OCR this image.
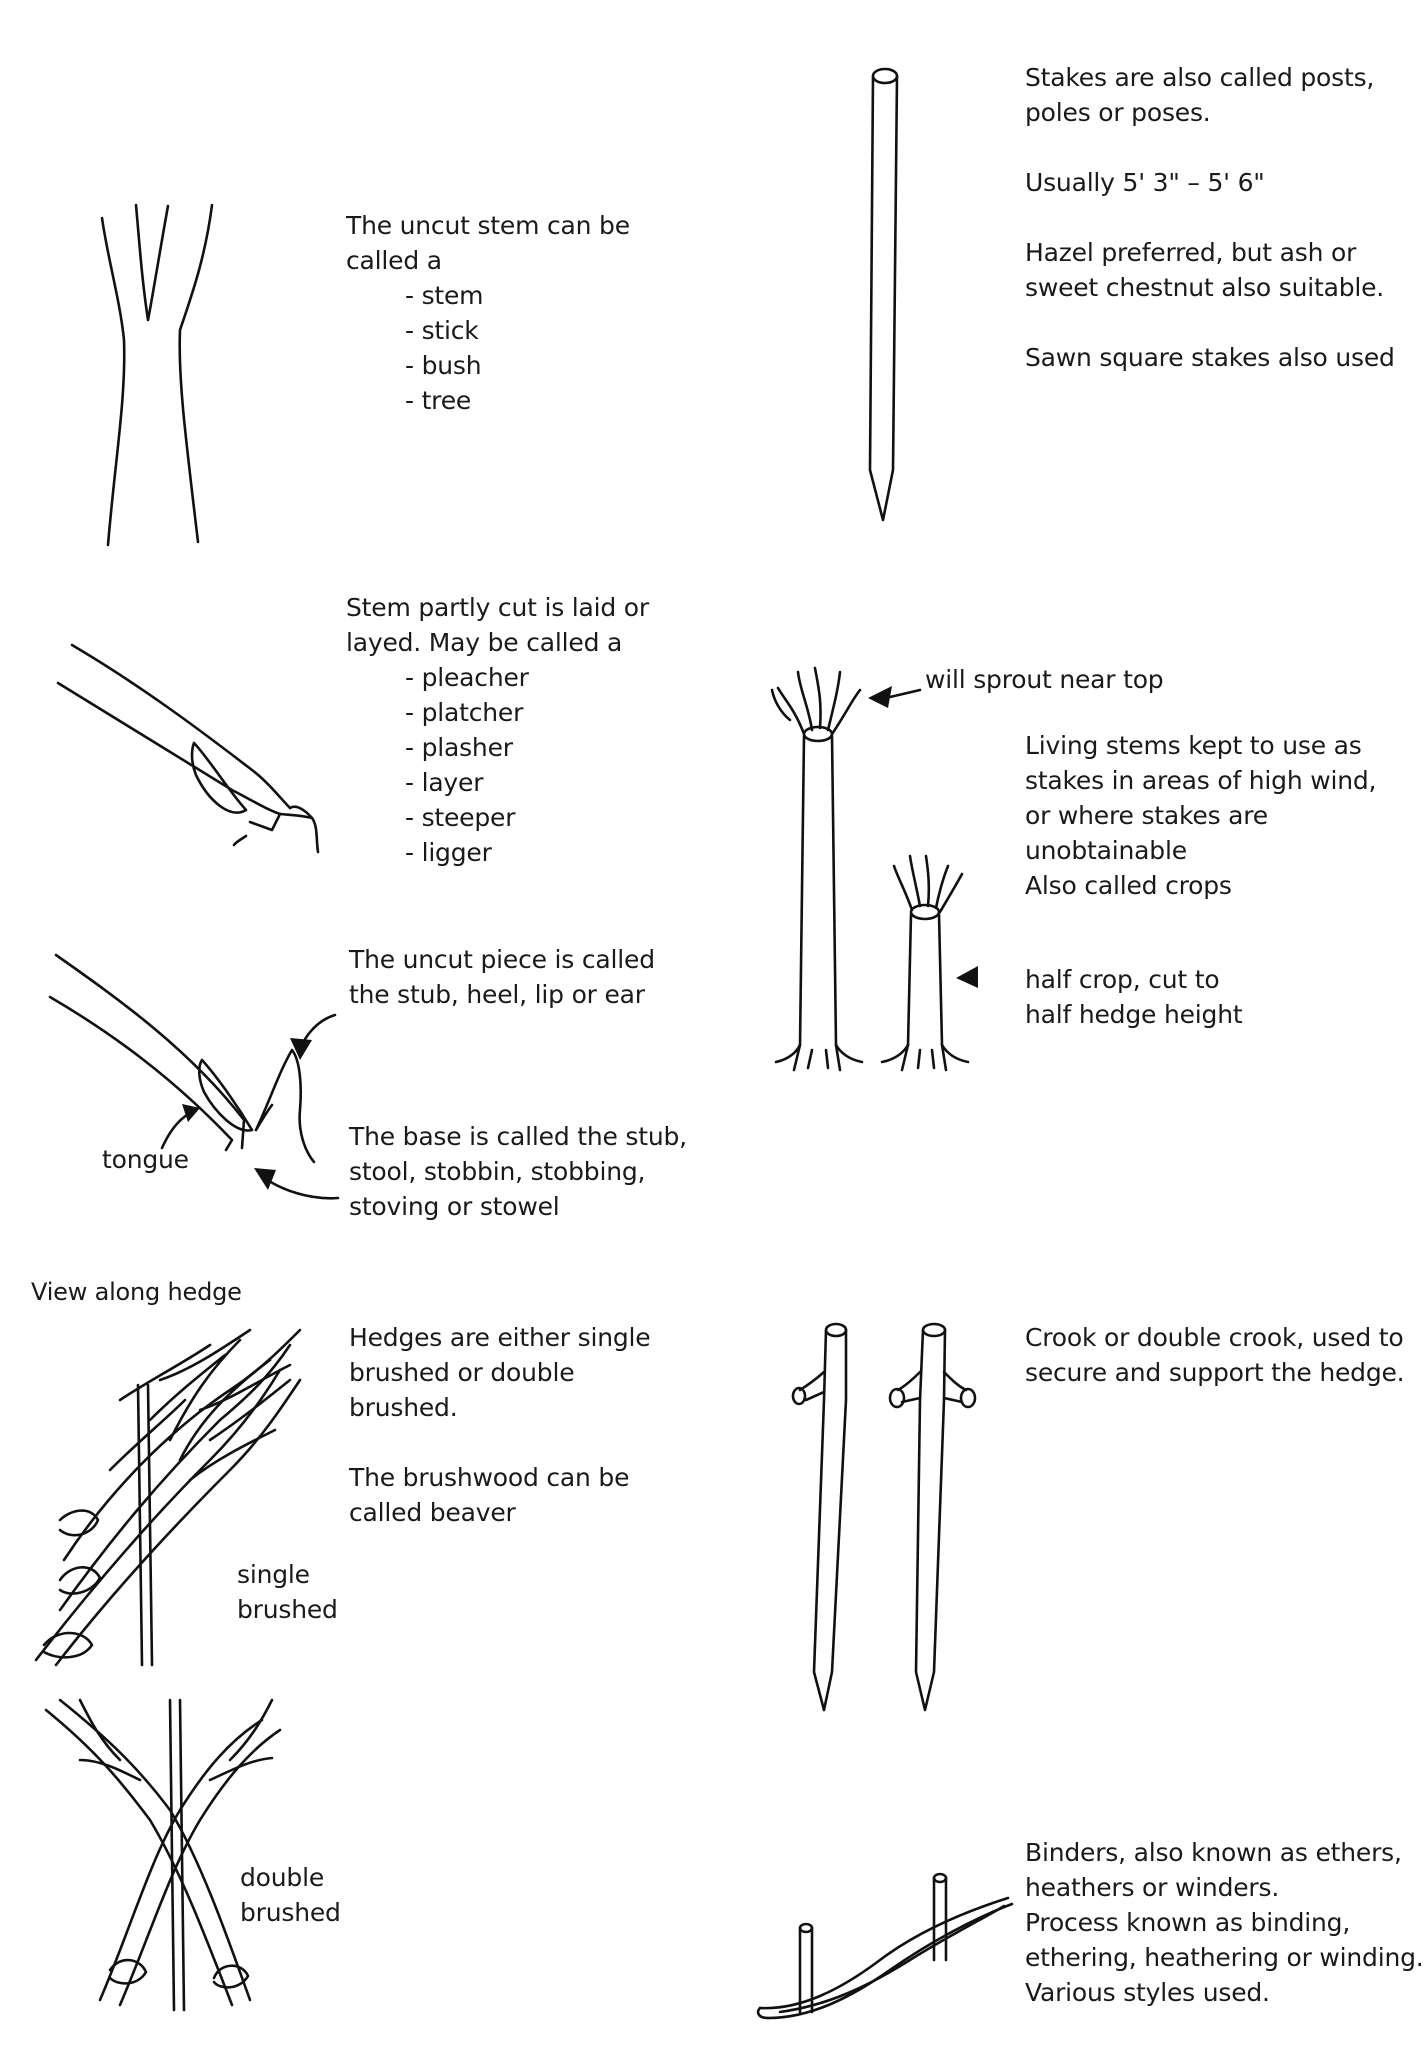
The uncut stem can be

called a

- stem

- stick

- bush

- tree

Stakes are also called posts,

poles or poses.

Usually 5' 3" – 5' 6"

Hazel preferred, but ash or

sweet chestnut also suitable.

Sawn square stakes also used

Stem partly cut is laid or

layed. May be called a

- pleacher

- platcher

- plasher

- layer

- steeper

- ligger

will sprout near top

Living stems kept to use as

stakes in areas of high wind,

or where stakes are

unobtainable

Also called crops

half crop, cut to

half hedge height

The uncut piece is called

the stub, heel, lip or ear

tongue

The base is called the stub,

stool, stobbin, stobbing,

stoving or stowel

View along hedge

Hedges are either single

brushed or double

brushed.

The brushwood can be

called beaver

single

brushed

double

brushed

Crook or double crook, used to

secure and support the hedge.

Binders, also known as ethers,

heathers or winders.

Process known as binding,

ethering, heathering or winding.

Various styles used.
